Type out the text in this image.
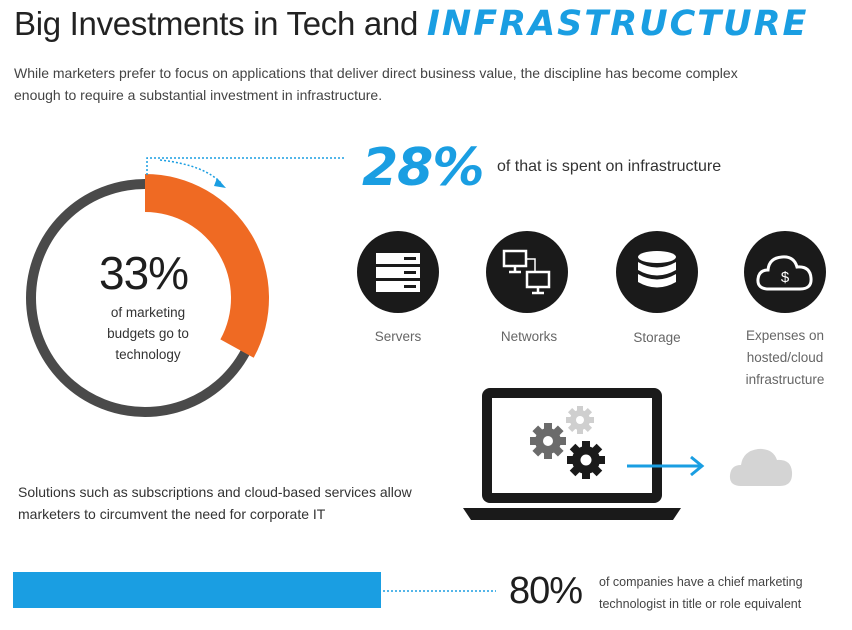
Big Investments in Tech and INFRASTRUCTURE
While marketers prefer to focus on applications that deliver direct business value, the discipline has become complex enough to require a substantial investment in infrastructure.
33%
of marketing budgets go to technology
28% of that is spent on infrastructure
$
Servers	Networks	Storage	Expenses on hosted/cloud infrastructure
Solutions such as subscriptions and cloud-based services allow marketers to circumvent the need for corporate IT
80% of companies have a chief marketing technologist in title or role equivalent
